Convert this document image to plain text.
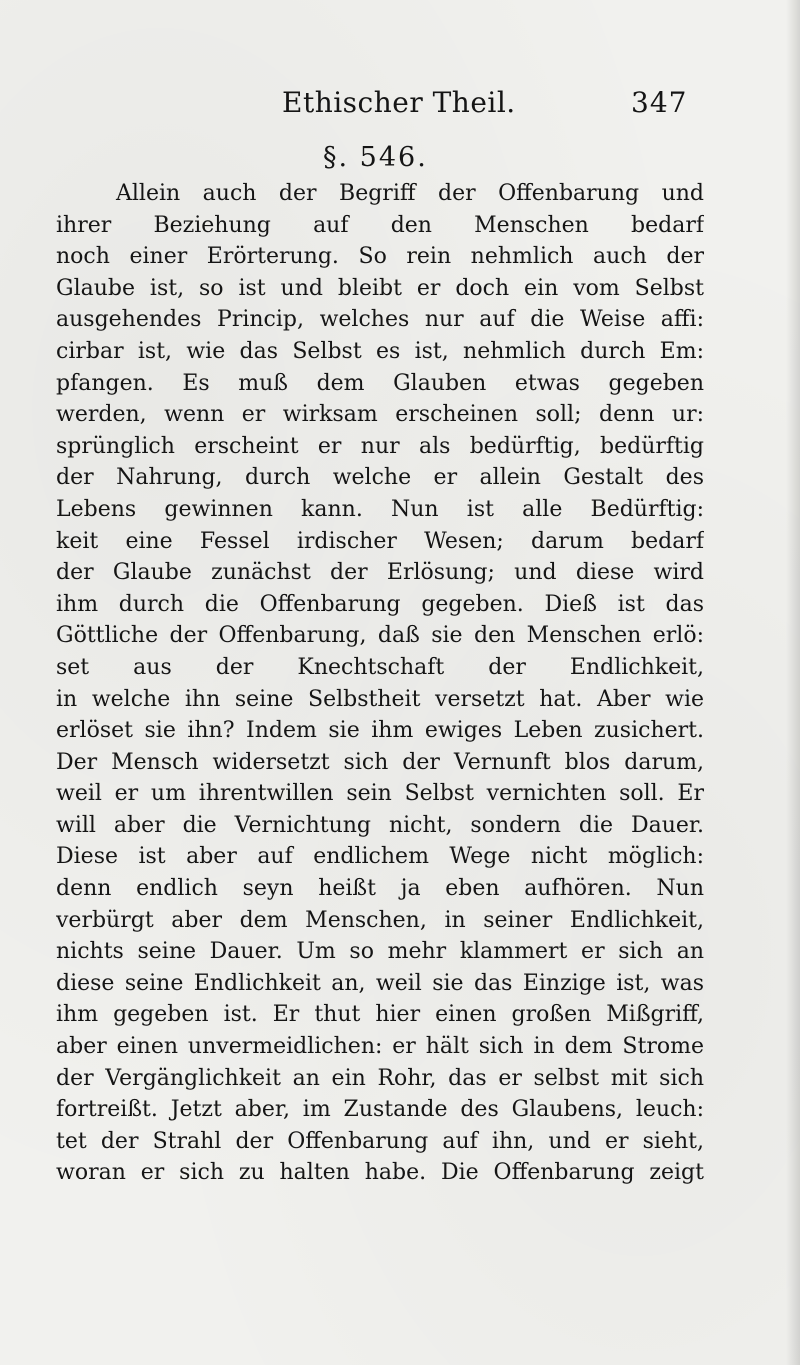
Ethischer Theil.	347
§. 546.
Allein auch der Begriff der Offenbarung und
ihrer Beziehung auf den Menschen bedarf
noch einer Erörterung. So rein nehmlich auch der
Glaube ist, so ist und bleibt er doch ein vom Selbst
ausgehendes Princip, welches nur auf die Weise affi:
cirbar ist, wie das Selbst es ist, nehmlich durch Em:
pfangen. Es muß dem Glauben etwas gegeben
werden, wenn er wirksam erscheinen soll; denn ur:
sprünglich erscheint er nur als bedürftig, bedürftig
der Nahrung, durch welche er allein Gestalt des
Lebens gewinnen kann. Nun ist alle Bedürftig:
keit eine Fessel irdischer Wesen; darum bedarf
der Glaube zunächst der Erlösung; und diese wird
ihm durch die Offenbarung gegeben. Dieß ist das
Göttliche der Offenbarung, daß sie den Menschen erlö:
set aus der Knechtschaft der Endlichkeit,
in welche ihn seine Selbstheit versetzt hat. Aber wie
erlöset sie ihn? Indem sie ihm ewiges Leben zusichert.
Der Mensch widersetzt sich der Vernunft blos darum,
weil er um ihrentwillen sein Selbst vernichten soll. Er
will aber die Vernichtung nicht, sondern die Dauer.
Diese ist aber auf endlichem Wege nicht möglich:
denn endlich seyn heißt ja eben aufhören. Nun
verbürgt aber dem Menschen, in seiner Endlichkeit,
nichts seine Dauer. Um so mehr klammert er sich an
diese seine Endlichkeit an, weil sie das Einzige ist, was
ihm gegeben ist. Er thut hier einen großen Mißgriff,
aber einen unvermeidlichen: er hält sich in dem Strome
der Vergänglichkeit an ein Rohr, das er selbst mit sich
fortreißt. Jetzt aber, im Zustande des Glaubens, leuch:
tet der Strahl der Offenbarung auf ihn, und er sieht,
woran er sich zu halten habe. Die Offenbarung zeigt
